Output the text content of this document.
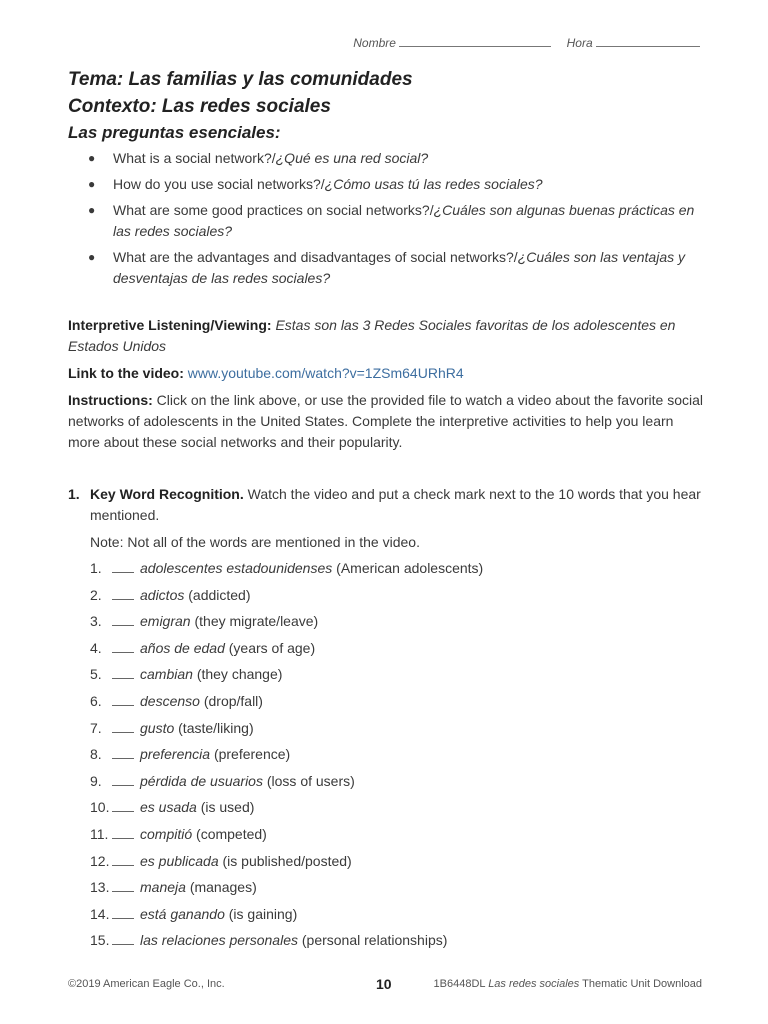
Nombre	Hora

Tema: Las familias y las comunidades

Contexto: Las redes sociales

Las preguntas esenciales:

● What is a social network?/¿Qué es una red social?
● How do you use social networks?/¿Cómo usas tú las redes sociales?
● What are some good practices on social networks?/¿Cuáles son algunas buenas prácticas en las redes sociales?
● What are the advantages and disadvantages of social networks?/¿Cuáles son las ventajas y desventajas de las redes sociales?

Interpretive Listening/Viewing: Estas son las 3 Redes Sociales favoritas de los adolescentes en Estados Unidos

Link to the video: www.youtube.com/watch?v=1ZSm64URhR4

Instructions: Click on the link above, or use the provided file to watch a video about the favorite social networks of adolescents in the United States. Complete the interpretive activities to help you learn more about these social networks and their popularity.

1. Key Word Recognition. Watch the video and put a check mark next to the 10 words that you hear mentioned.
Note: Not all of the words are mentioned in the video.
1.	adolescentes estadounidenses (American adolescents)
2.	adictos (addicted)
3.	emigran (they migrate/leave)
4.	años de edad (years of age)
5.	cambian (they change)
6.	descenso (drop/fall)
7.	gusto (taste/liking)
8.	preferencia (preference)
9.	pérdida de usuarios (loss of users)
10. es usada (is used)
11. compitió (competed)
12. es publicada (is published/posted)
13. maneja (manages)
14. está ganando (is gaining)
15. las relaciones personales (personal relationships)
©2019 American Eagle Co., Inc.	10	1B6448DL Las redes sociales Thematic Unit Download
